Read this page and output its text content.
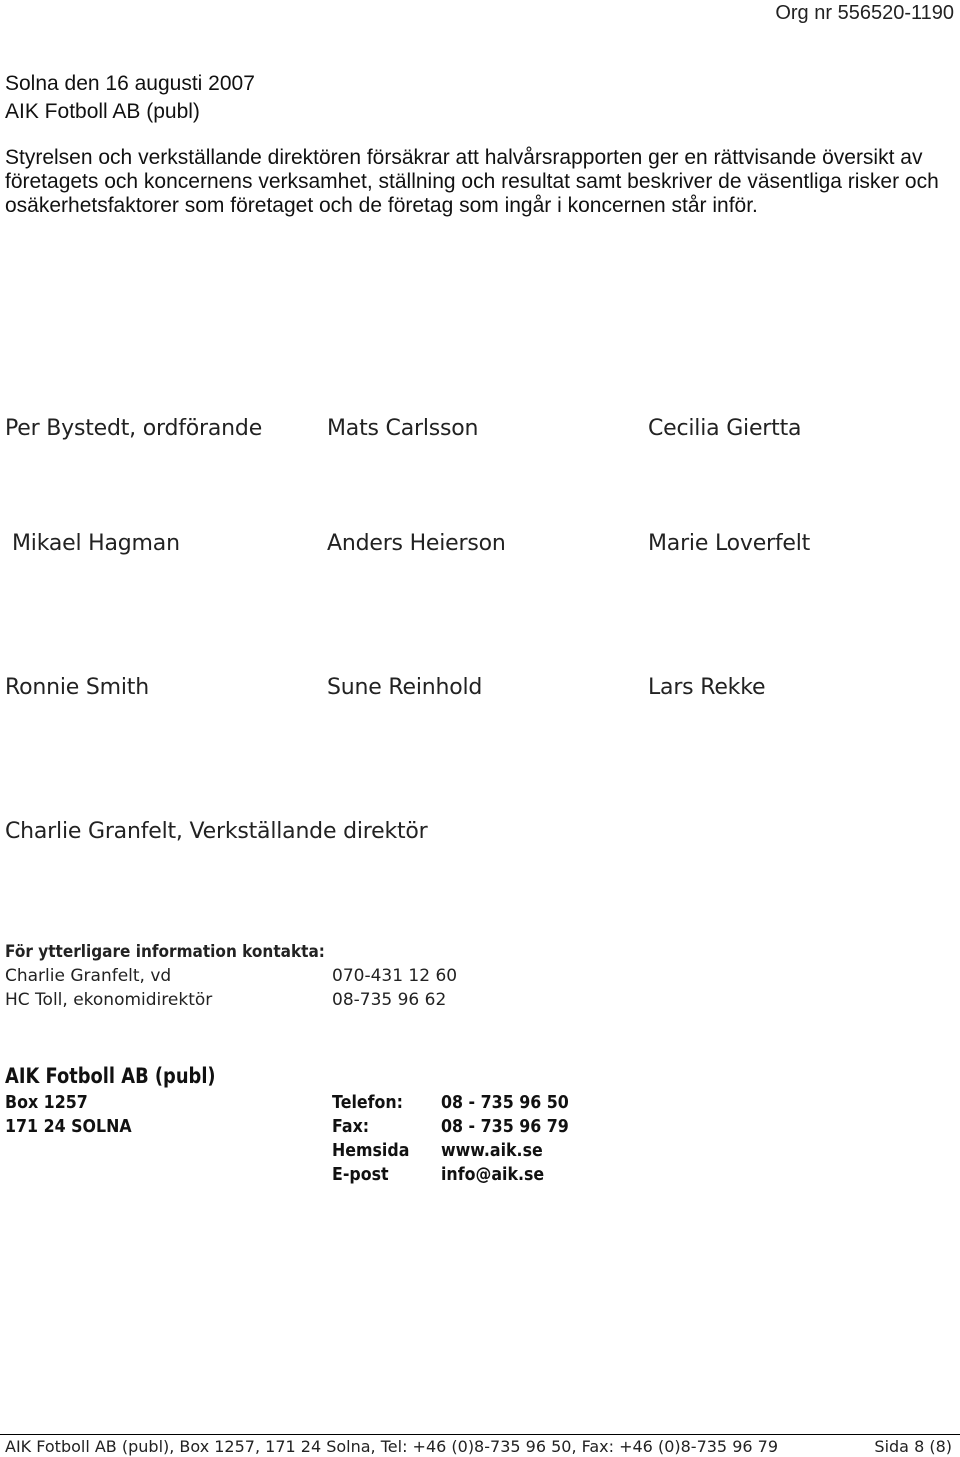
Org nr 556520-1190
Solna den 16 augusti 2007
AIK Fotboll AB (publ)
Styrelsen och verkställande direktören försäkrar att halvårsrapporten ger en rättvisande översikt av företagets och koncernens verksamhet, ställning och resultat samt beskriver de väsentliga risker och osäkerhetsfaktorer som företaget och de företag som ingår i koncernen står inför.
Per Bystedt, ordförande	Mats Carlsson	Cecilia Giertta
Mikael Hagman	Anders Heierson	Marie Loverfelt
Ronnie Smith	Sune Reinhold	Lars Rekke
Charlie Granfelt, Verkställande direktör
För ytterligare information kontakta:
Charlie Granfelt, vd	070-431 12 60
HC Toll, ekonomidirektör	08-735 96 62
AIK Fotboll AB (publ)
Box 1257
171 24 SOLNA
Telefon: 08 - 735 96 50
Fax:	08 - 735 96 79
Hemsida www.aik.se
E-post	info@aik.se
AIK Fotboll AB (publ), Box 1257, 171 24 Solna, Tel: +46 (0)8-735 96 50, Fax: +46 (0)8-735 96 79	Sida 8 (8)
